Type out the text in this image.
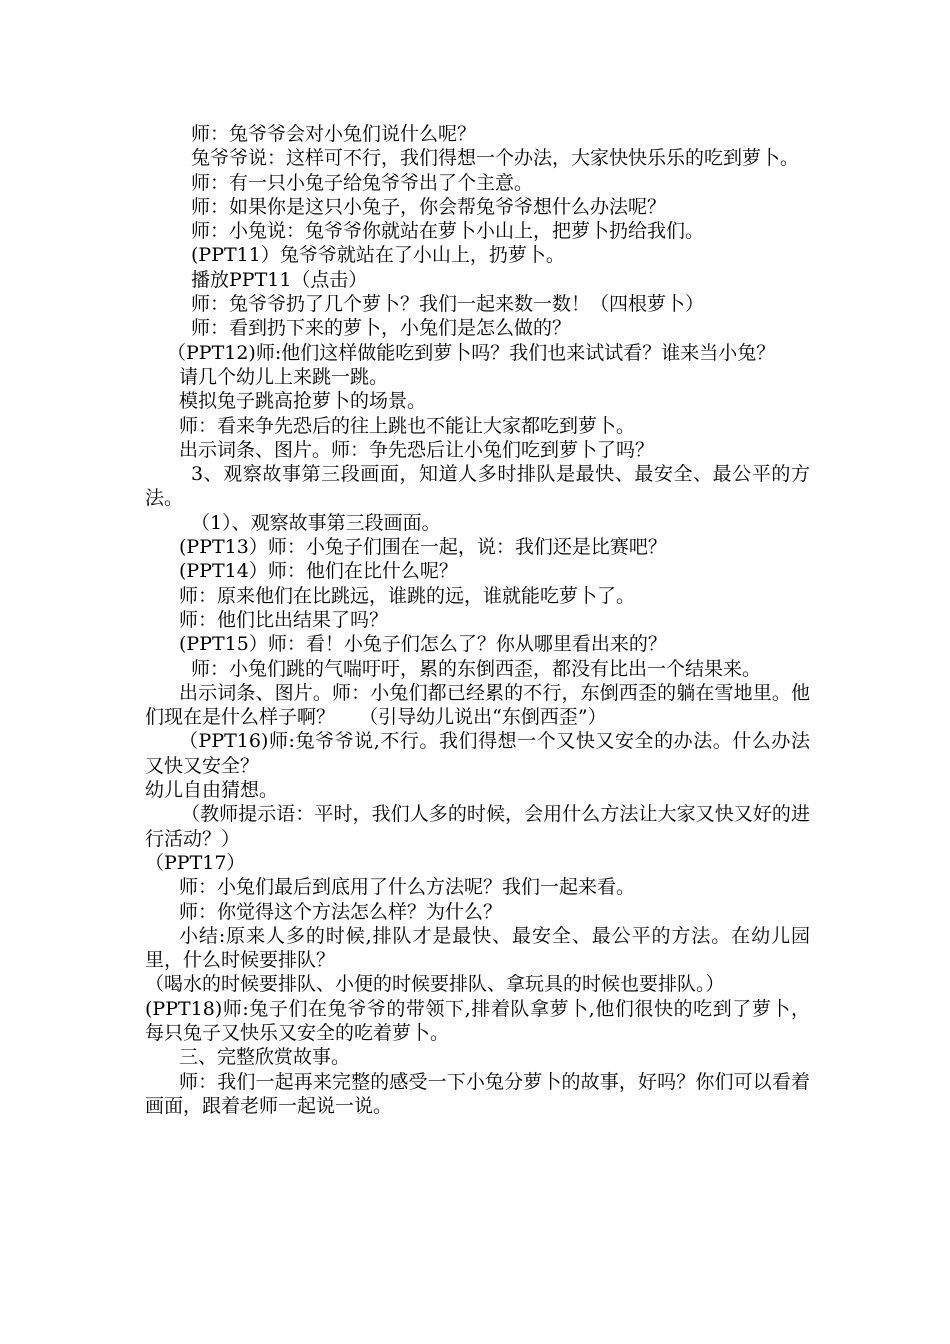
师：兔爷爷会对小兔们说什么呢？

兔爷爷说：这样可不行，我们得想一个办法，大家快快乐乐的吃到萝卜。

师：有一只小兔子给兔爷爷出了个主意。

师：如果你是这只小兔子，你会帮兔爷爷想什么办法呢？

师：小兔说：兔爷爷你就站在萝卜小山上，把萝卜扔给我们。

(PPT11）兔爷爷就站在了小山上，扔萝卜。

播放PPT11（点击）

师：兔爷爷扔了几个萝卜？我们一起来数一数！（四根萝卜）

师：看到扔下来的萝卜，小兔们是怎么做的？

（PPT12)师:他们这样做能吃到萝卜吗？我们也来试试看？谁来当小兔？

请几个幼儿上来跳一跳。

模拟兔子跳高抢萝卜的场景。

师：看来争先恐后的往上跳也不能让大家都吃到萝卜。

出示词条、图片。师：争先恐后让小兔们吃到萝卜了吗？

3、观察故事第三段画面，知道人多时排队是最快、最安全、最公平的方法。

（1）、观察故事第三段画面。

(PPT13）师：小兔子们围在一起，说：我们还是比赛吧？

(PPT14）师：他们在比什么呢？

师：原来他们在比跳远，谁跳的远，谁就能吃萝卜了。

师：他们比出结果了吗？

(PPT15）师：看！小兔子们怎么了？你从哪里看出来的？

师：小兔们跳的气喘吁吁，累的东倒西歪，都没有比出一个结果来。

出示词条、图片。师：小兔们都已经累的不行，东倒西歪的躺在雪地里。他们现在是什么样子啊？    （引导幼儿说出“东倒西歪”）

（PPT16)师:兔爷爷说,不行。我们得想一个又快又安全的办法。什么办法又快又安全？

幼儿自由猜想。

（教师提示语：平时，我们人多的时候，会用什么方法让大家又快又好的进行活动？）

（PPT17）

师：小兔们最后到底用了什么方法呢？我们一起来看。

师：你觉得这个方法怎么样？为什么？

小结:原来人多的时候,排队才是最快、最安全、最公平的方法。在幼儿园里，什么时候要排队？

（喝水的时候要排队、小便的时候要排队、拿玩具的时候也要排队。）

(PPT18)师:兔子们在兔爷爷的带领下,排着队拿萝卜,他们很快的吃到了萝卜，每只兔子又快乐又安全的吃着萝卜。

三、完整欣赏故事。

师：我们一起再来完整的感受一下小兔分萝卜的故事，好吗？你们可以看着画面，跟着老师一起说一说。
